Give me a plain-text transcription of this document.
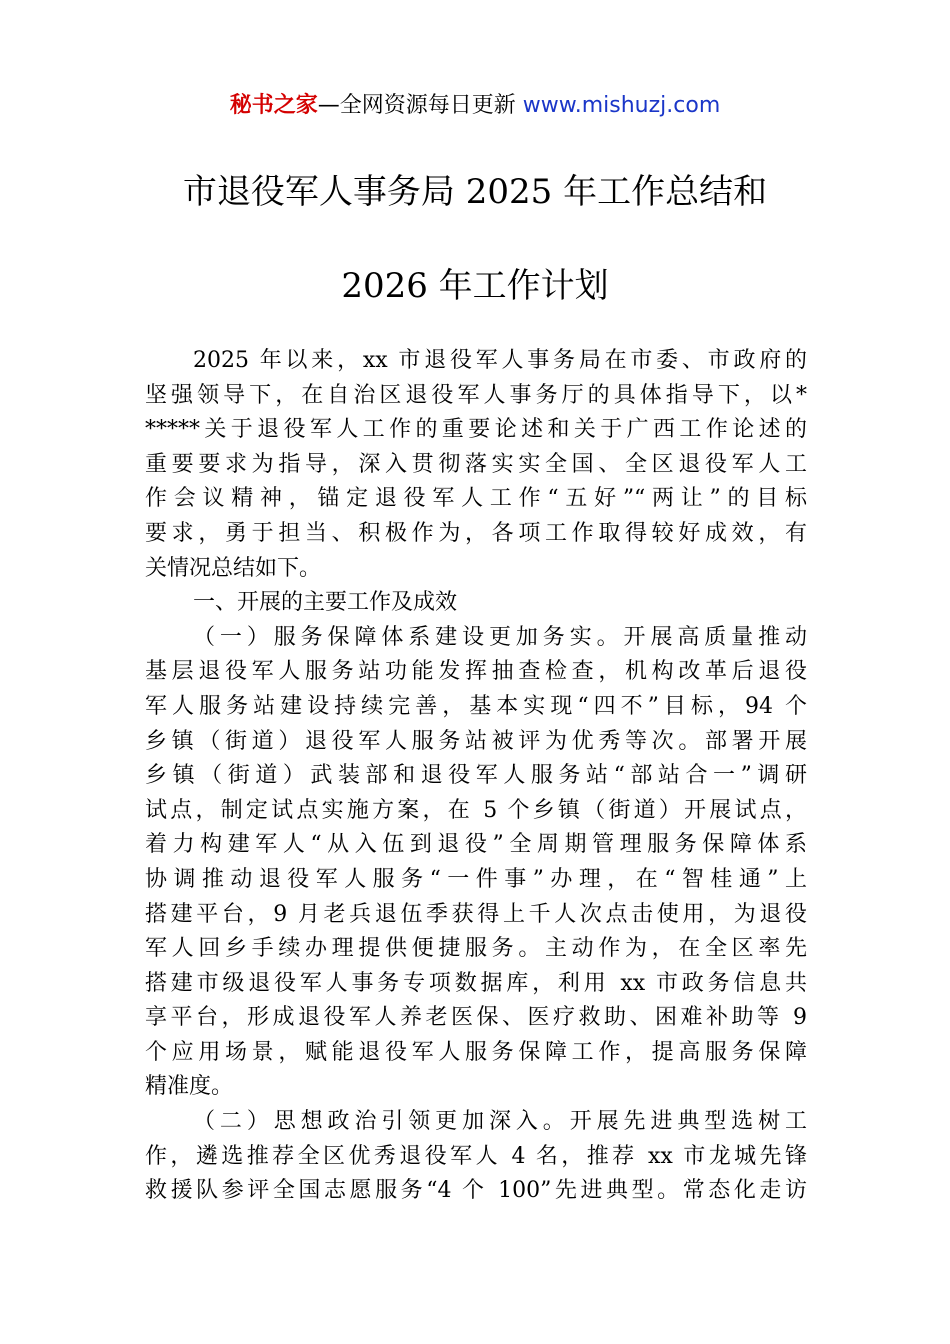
秘书之家—全网资源每日更新 www.mishuzj.com
市退役军人事务局 2025 年工作总结和
2026 年工作计划
2025 年以来，xx 市退役军人事务局在市委、市政府的
坚强领导下，在自治区退役军人事务厅的具体指导下，以*
*****关于退役军人工作的重要论述和关于广西工作论述的
重要要求为指导，深入贯彻落实实全国、全区退役军人工
作会议精神，锚定退役军人工作“五好”“两让”的目标
要求，勇于担当、积极作为，各项工作取得较好成效，有
关情况总结如下。
一、开展的主要工作及成效
（一）服务保障体系建设更加务实。开展高质量推动
基层退役军人服务站功能发挥抽查检查，机构改革后退役
军人服务站建设持续完善，基本实现“四不”目标，94 个
乡镇（街道）退役军人服务站被评为优秀等次。部署开展
乡镇（街道）武装部和退役军人服务站“部站合一”调研
试点，制定试点实施方案，在 5 个乡镇（街道）开展试点，
着力构建军人“从入伍到退役”全周期管理服务保障体系
协调推动退役军人服务“一件事”办理，在“智桂通”上
搭建平台，9 月老兵退伍季获得上千人次点击使用，为退役
军人回乡手续办理提供便捷服务。主动作为，在全区率先
搭建市级退役军人事务专项数据库，利用 xx 市政务信息共
享平台，形成退役军人养老医保、医疗救助、困难补助等 9
个应用场景，赋能退役军人服务保障工作，提高服务保障
精准度。
（二）思想政治引领更加深入。开展先进典型选树工
作，遴选推荐全区优秀退役军人 4 名，推荐 xx 市龙城先锋
救援队参评全国志愿服务“4 个 100”先进典型。常态化走访
